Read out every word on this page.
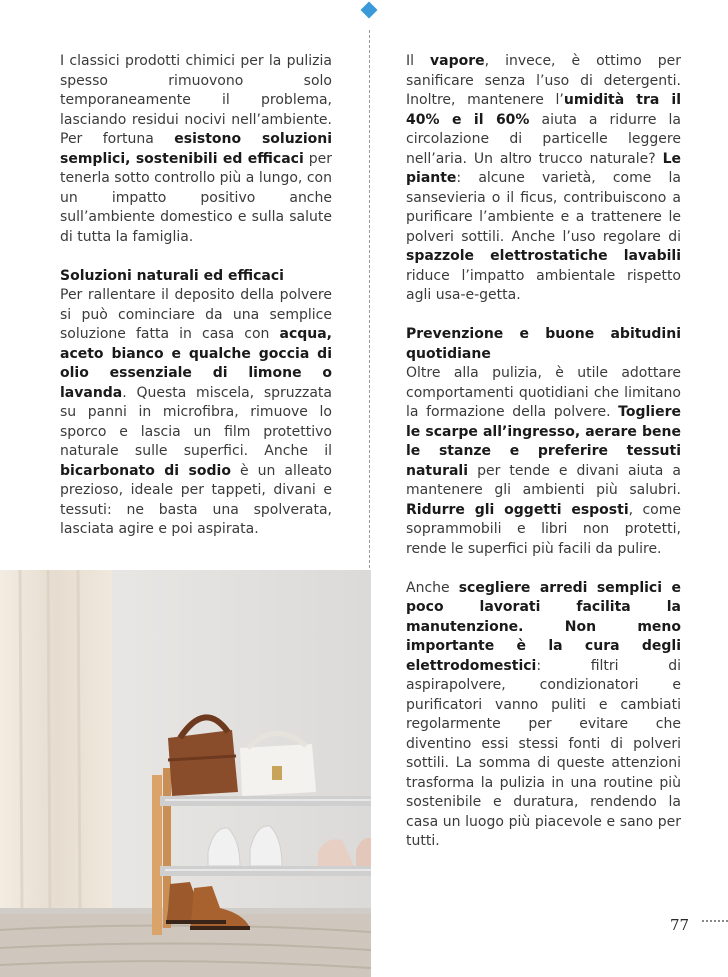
I classici prodotti chimici per la pulizia spesso rimuovono solo temporaneamente il problema, lasciando residui nocivi nell’ambiente. Per fortuna esistono soluzioni semplici, sostenibili ed efficaci per tenerla sotto controllo più a lungo, con un impatto positivo anche sull’ambiente domestico e sulla salute di tutta la famiglia.

Soluzioni naturali ed efficaci

Per rallentare il deposito della polvere si può cominciare da una semplice soluzione fatta in casa con acqua, aceto bianco e qualche goccia di olio essenziale di limone o lavanda. Questa miscela, spruzzata su panni in microfibra, rimuove lo sporco e lascia un film protettivo naturale sulle superfici. Anche il bicarbonato di sodio è un alleato prezioso, ideale per tappeti, divani e tessuti: ne basta una spolverata, lasciata agire e poi aspirata.

Il vapore, invece, è ottimo per sanificare senza l’uso di detergenti. Inoltre, mantenere l’umidità tra il 40% e il 60% aiuta a ridurre la circolazione di particelle leggere nell’aria. Un altro trucco naturale? Le piante: alcune varietà, come la sansevieria o il ficus, contribuiscono a purificare l’ambiente e a trattenere le polveri sottili. Anche l’uso regolare di spazzole elettrostatiche lavabili riduce l’impatto ambientale rispetto agli usa-e-getta.

Prevenzione e buone abitudini quotidiane

Oltre alla pulizia, è utile adottare comportamenti quotidiani che limitano la formazione della polvere. Togliere le scarpe all’ingresso, aerare bene le stanze e preferire tessuti naturali per tende e divani aiuta a mantenere gli ambienti più salubri. Ridurre gli oggetti esposti, come soprammobili e libri non protetti, rende le superfici più facili da pulire.

Anche scegliere arredi semplici e poco lavorati facilita la manutenzione. Non meno importante è la cura degli elettrodomestici: filtri di aspirapolvere, condizionatori e purificatori vanno puliti e cambiati regolarmente per evitare che diventino essi stessi fonti di polveri sottili. La somma di queste attenzioni trasforma la pulizia in una routine più sostenibile e duratura, rendendo la casa un luogo più piacevole e sano per tutti.

77
